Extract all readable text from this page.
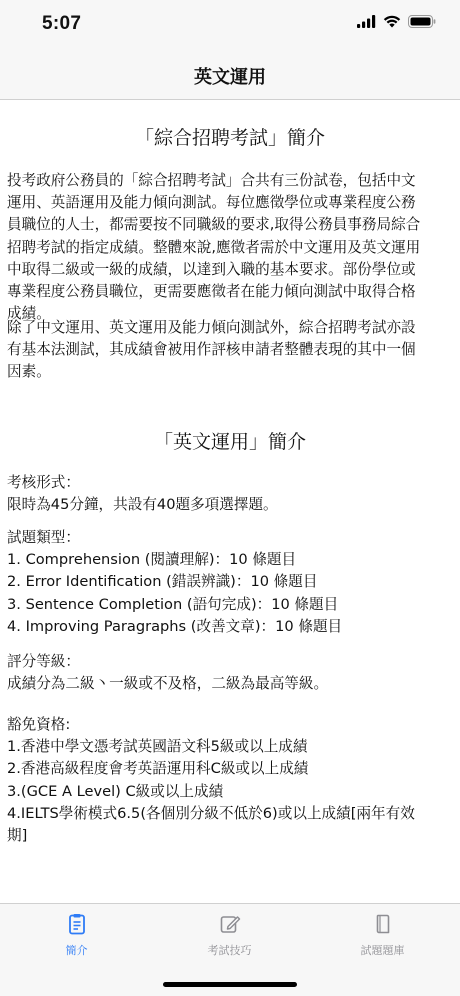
5:07
英文運用
「綜合招聘考試」簡介
投考政府公務員的「綜合招聘考試」合共有三份試卷，包括中文
運用、英語運用及能力傾向測試。每位應徵學位或專業程度公務
員職位的人士，都需要按不同職級的要求,取得公務員事務局綜合
招聘考試的指定成績。整體來說,應徵者需於中文運用及英文運用
中取得二級或一級的成績，以達到入職的基本要求。部份學位或
專業程度公務員職位，更需要應徵者在能力傾向測試中取得合格
成績。
除了中文運用、英文運用及能力傾向測試外，綜合招聘考試亦設
有基本法測試，其成績會被用作評核申請者整體表現的其中一個
因素。
「英文運用」簡介
考核形式：
限時為45分鐘，共設有40題多項選擇題。
試題類型：
1. Comprehension (閱讀理解)：10 條題目
2. Error Identification (錯誤辨識)：10 條題目
3. Sentence Completion (語句完成)：10 條題目
4. Improving Paragraphs (改善文章)：10 條題目
評分等級：
成績分為二級丶一級或不及格，二級為最高等級。
豁免資格:
1.香港中學文憑考試英國語文科5級或以上成績
2.香港高級程度會考英語運用科C級或以上成績
3.(GCE A Level) C級或以上成績
4.IELTS學術模式6.5(各個別分級不低於6)或以上成績[兩年有效
期]
簡介	考試技巧	試題題庫
